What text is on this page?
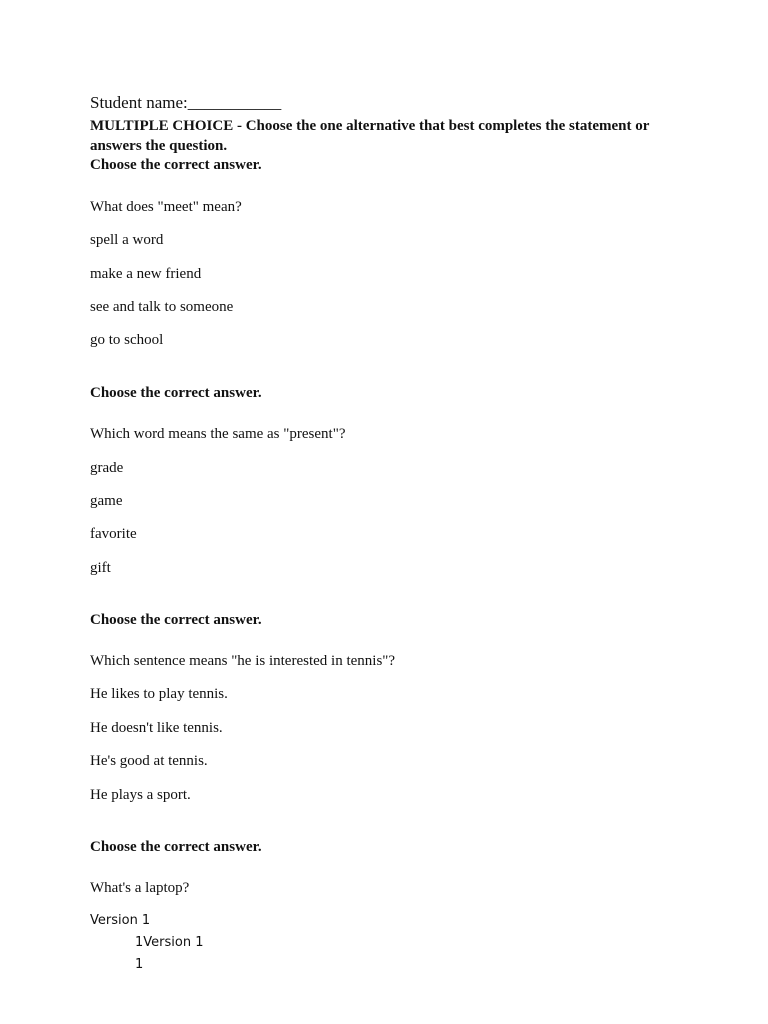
Student name:___________
MULTIPLE CHOICE - Choose the one alternative that best completes the statement or answers the question.
Choose the correct answer.
What does "meet" mean?
spell a word
make a new friend
see and talk to someone
go to school
Choose the correct answer.
Which word means the same as "present"?
grade
game
favorite
gift
Choose the correct answer.
Which sentence means "he is interested in tennis"?
He likes to play tennis.
He doesn't like tennis.
He's good at tennis.
He plays a sport.
Choose the correct answer.
What's a laptop?
Version 1
1Version 1
1
